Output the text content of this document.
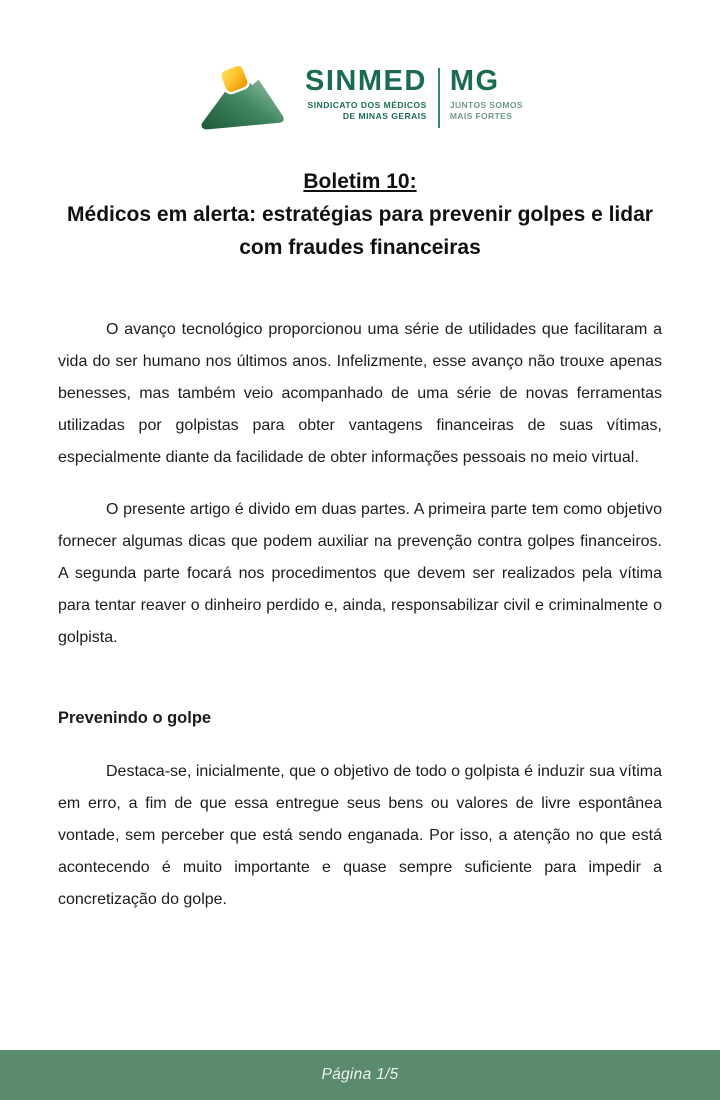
SINMED
SINDICATO DOS MÉDICOS
DE MINAS GERAIS
MG
JUNTOS SOMOS
MAIS FORTES
Boletim 10:
Médicos em alerta: estratégias para prevenir golpes e lidar
com fraudes financeiras

O avanço tecnológico proporcionou uma série de utilidades que facilitaram a vida do ser humano nos últimos anos. Infelizmente, esse avanço não trouxe apenas benesses, mas também veio acompanhado de uma série de novas ferramentas utilizadas por golpistas para obter vantagens financeiras de suas vítimas, especialmente diante da facilidade de obter informações pessoais no meio virtual.

O presente artigo é divido em duas partes. A primeira parte tem como objetivo fornecer algumas dicas que podem auxiliar na prevenção contra golpes financeiros. A segunda parte focará nos procedimentos que devem ser realizados pela vítima para tentar reaver o dinheiro perdido e, ainda, responsabilizar civil e criminalmente o golpista.

Prevenindo o golpe

Destaca-se, inicialmente, que o objetivo de todo o golpista é induzir sua vítima em erro, a fim de que essa entregue seus bens ou valores de livre espontânea vontade, sem perceber que está sendo enganada. Por isso, a atenção no que está acontecendo é muito importante e quase sempre suficiente para impedir a concretização do golpe.

Página 1/5
